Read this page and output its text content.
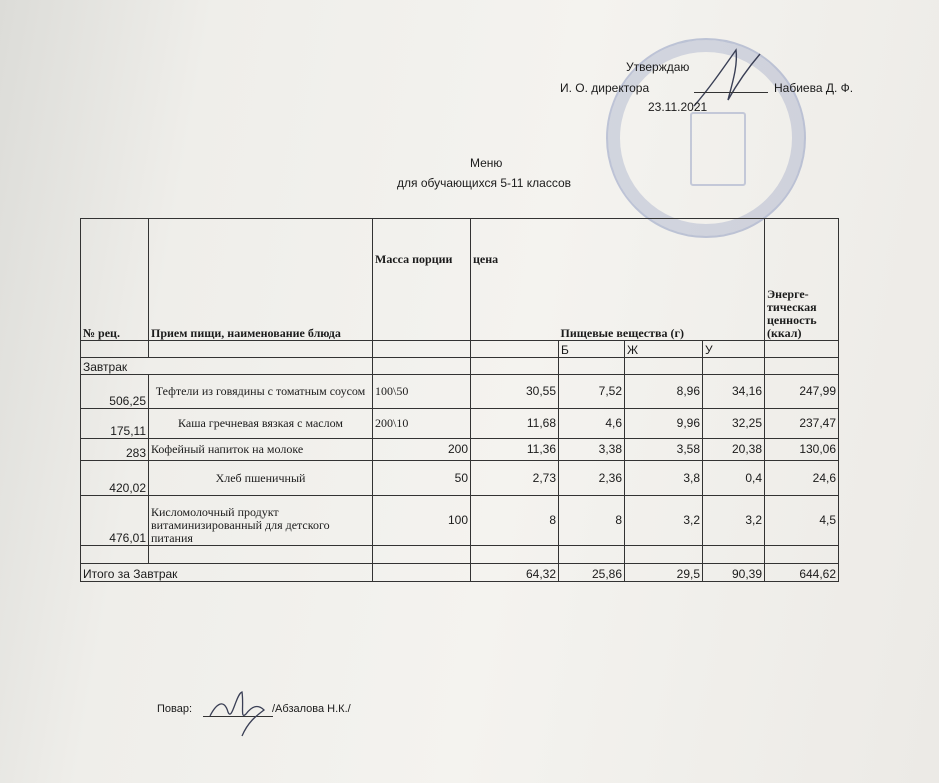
Утверждаю
И. О. директора	Набиева Д. Ф.
23.11.2021
Меню
для обучающихся 5-11 классов
№ рец.	Прием пищи, наименование блюда	Масса порции	цена	Пищевые вещества (г)			Энерге-тическая ценность (ккал)
				Б	Ж	У	
Завтрак							
506,25	Тефтели из говядины с томатным соусом	100\50	30,55	7,52	8,96	34,16	247,99
175,11	Каша гречневая вязкая с маслом	200\10	11,68	4,6	9,96	32,25	237,47
283	Кофейный напиток на молоке	200	11,36	3,38	3,58	20,38	130,06
420,02	Хлеб пшеничный	50	2,73	2,36	3,8	0,4	24,6
476,01	Кисломолочный продукт витаминизированный для детского питания	100	8	8	3,2	3,2	4,5

Итого за Завтрак			64,32	25,86	29,5	90,39	644,62
Повар:	/Абзалова Н.К./
